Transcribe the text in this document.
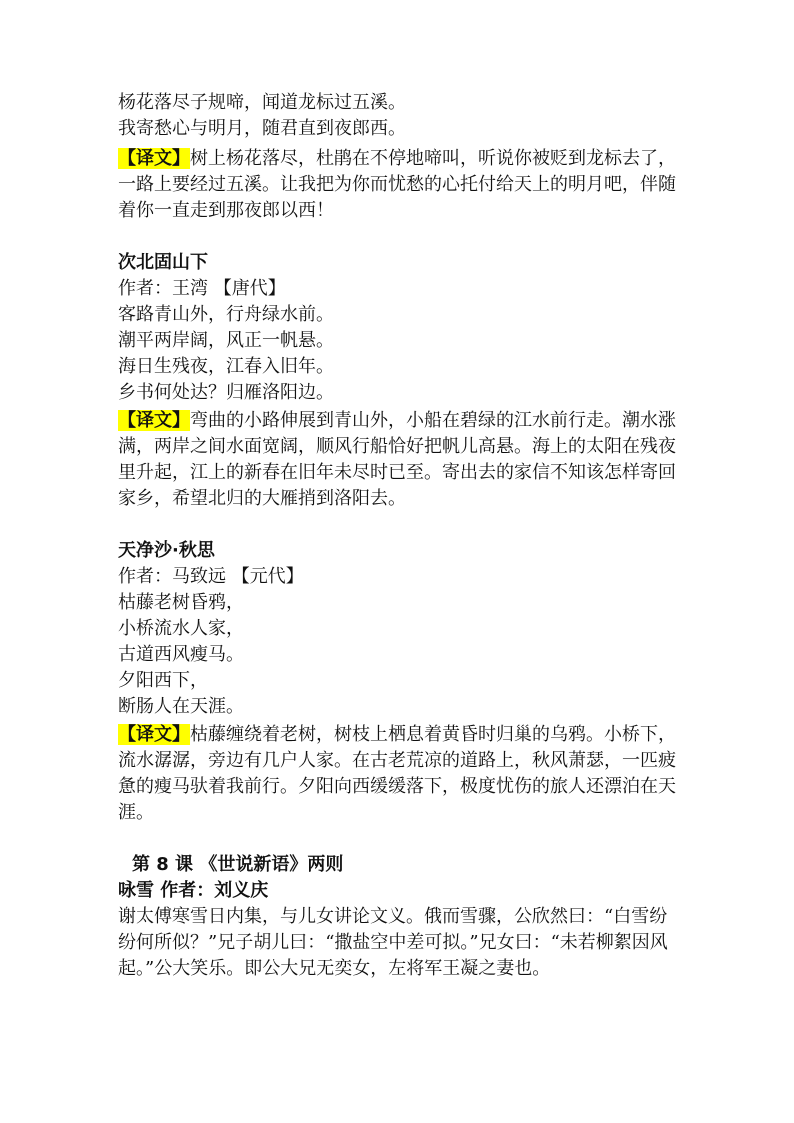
杨花落尽子规啼，闻道龙标过五溪。
我寄愁心与明月，随君直到夜郎西。
【译文】树上杨花落尽，杜鹃在不停地啼叫，听说你被贬到龙标去了，一路上要经过五溪。让我把为你而忧愁的心托付给天上的明月吧，伴随着你一直走到那夜郎以西！
次北固山下
作者：王湾 【唐代】
客路青山外，行舟绿水前。
潮平两岸阔，风正一帆悬。
海日生残夜，江春入旧年。
乡书何处达？归雁洛阳边。
【译文】弯曲的小路伸展到青山外，小船在碧绿的江水前行走。潮水涨满，两岸之间水面宽阔，顺风行船恰好把帆儿高悬。海上的太阳在残夜里升起，江上的新春在旧年未尽时已至。寄出去的家信不知该怎样寄回家乡，希望北归的大雁捎到洛阳去。
天净沙·秋思
作者：马致远 【元代】
枯藤老树昏鸦，
小桥流水人家，
古道西风瘦马。
夕阳西下，
断肠人在天涯。
【译文】枯藤缠绕着老树，树枝上栖息着黄昏时归巢的乌鸦。小桥下，流水潺潺，旁边有几户人家。在古老荒凉的道路上，秋风萧瑟，一匹疲惫的瘦马驮着我前行。夕阳向西缓缓落下，极度忧伤的旅人还漂泊在天涯。
第 8 课 《世说新语》两则
咏雪 作者：刘义庆
谢太傅寒雪日内集，与儿女讲论文义。俄而雪骤，公欣然曰：“白雪纷纷何所似？”兄子胡儿曰：“撒盐空中差可拟。”兄女曰：“未若柳絮因风起。”公大笑乐。即公大兄无奕女，左将军王凝之妻也。
